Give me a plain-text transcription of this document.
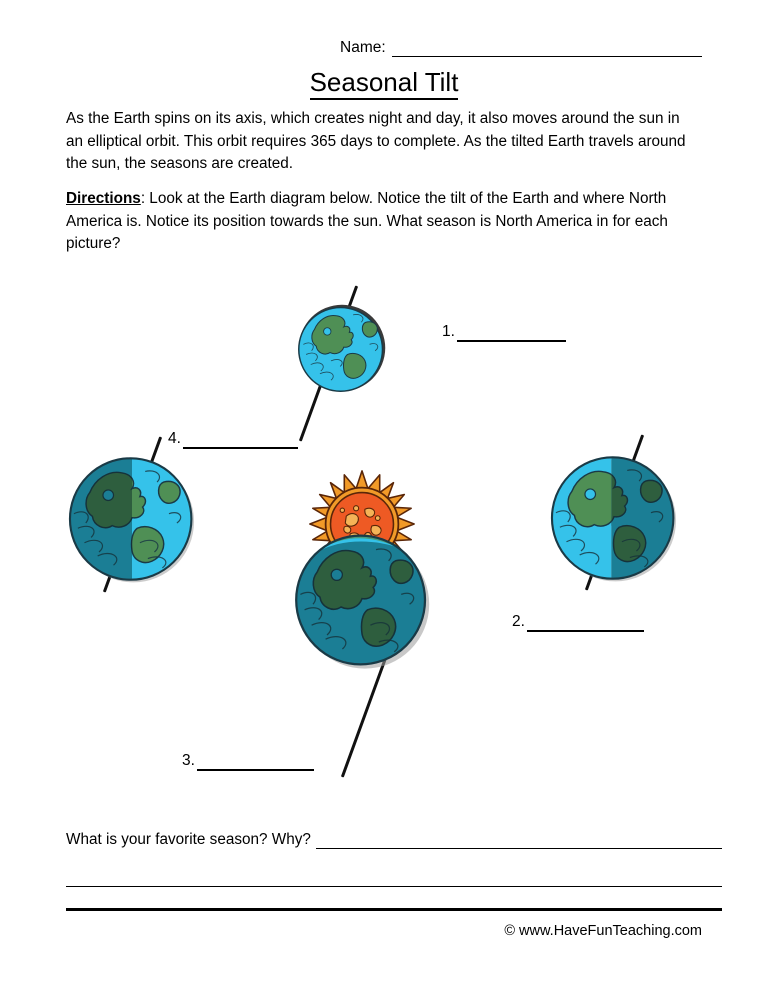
Name:
Seasonal Tilt
As the Earth spins on its axis, which creates night and day, it also moves around the sun in an elliptical orbit. This orbit requires 365 days to complete. As the tilted Earth travels around the sun, the seasons are created.
Directions: Look at the Earth diagram below. Notice the tilt of the Earth and where North America is. Notice its position towards the sun. What season is North America in for each picture?
1.
4.
2.
3.
What is your favorite season? Why?
© www.HaveFunTeaching.com
